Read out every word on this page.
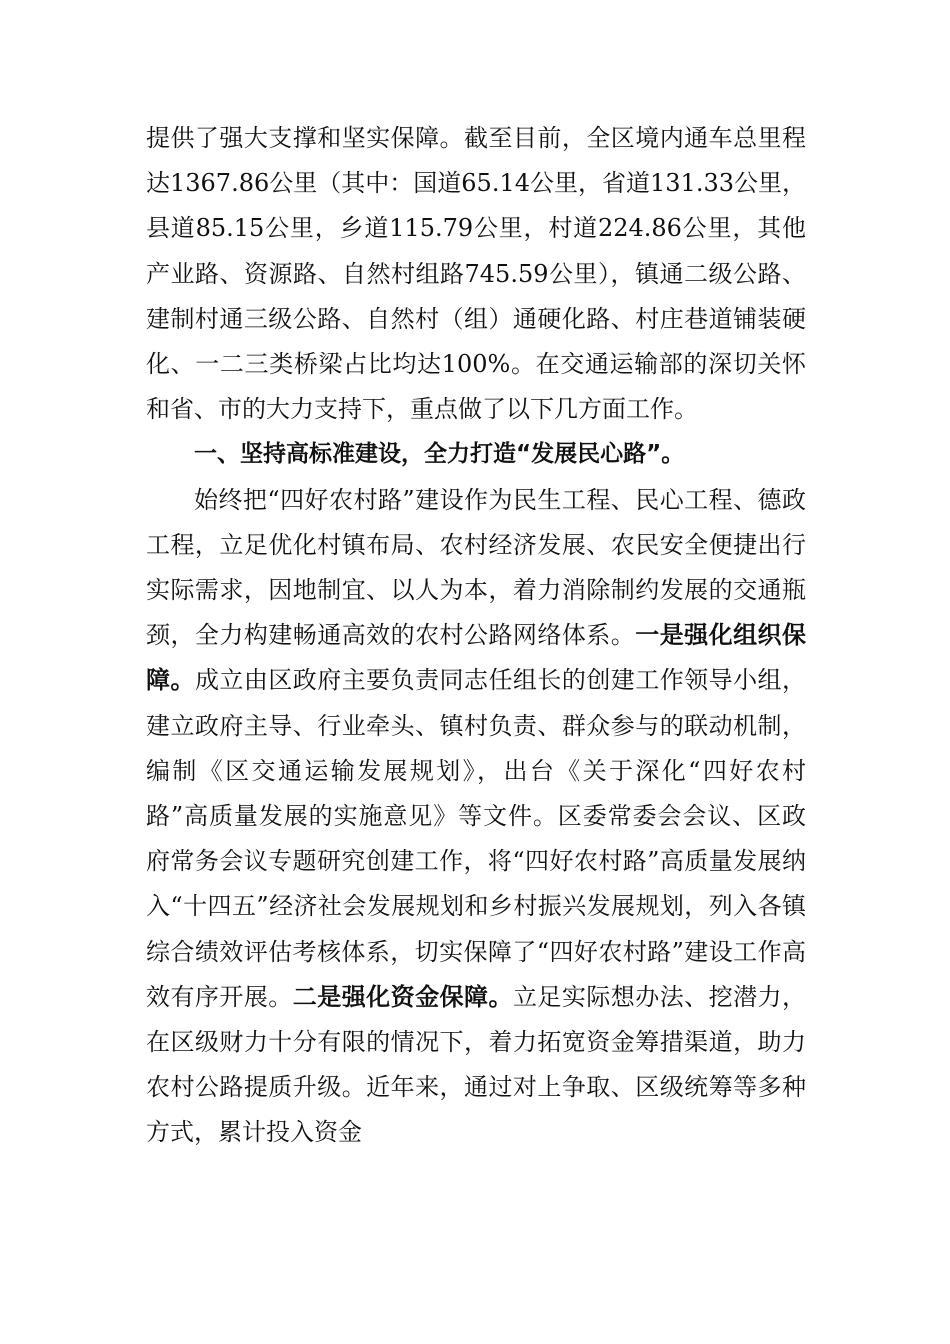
提供了强大支撑和坚实保障。截至目前，全区境内通车总里程达1367.86公里（其中：国道65.14公里，省道131.33公里，县道85.15公里，乡道115.79公里，村道224.86公里，其他产业路、资源路、自然村组路745.59公里），镇通二级公路、建制村通三级公路、自然村（组）通硬化路、村庄巷道铺装硬化、一二三类桥梁占比均达100%。在交通运输部的深切关怀和省、市的大力支持下，重点做了以下几方面工作。

一、坚持高标准建设，全力打造“发展民心路”。

始终把“四好农村路”建设作为民生工程、民心工程、德政工程，立足优化村镇布局、农村经济发展、农民安全便捷出行实际需求，因地制宜、以人为本，着力消除制约发展的交通瓶颈，全力构建畅通高效的农村公路网络体系。一是强化组织保障。成立由区政府主要负责同志任组长的创建工作领导小组，建立政府主导、行业牵头、镇村负责、群众参与的联动机制，编制《区交通运输发展规划》，出台《关于深化“四好农村路”高质量发展的实施意见》等文件。区委常委会会议、区政府常务会议专题研究创建工作，将“四好农村路”高质量发展纳入“十四五”经济社会发展规划和乡村振兴发展规划，列入各镇综合绩效评估考核体系，切实保障了“四好农村路”建设工作高效有序开展。二是强化资金保障。立足实际想办法、挖潜力，在区级财力十分有限的情况下，着力拓宽资金筹措渠道，助力农村公路提质升级。近年来，通过对上争取、区级统筹等多种方式，累计投入资金
